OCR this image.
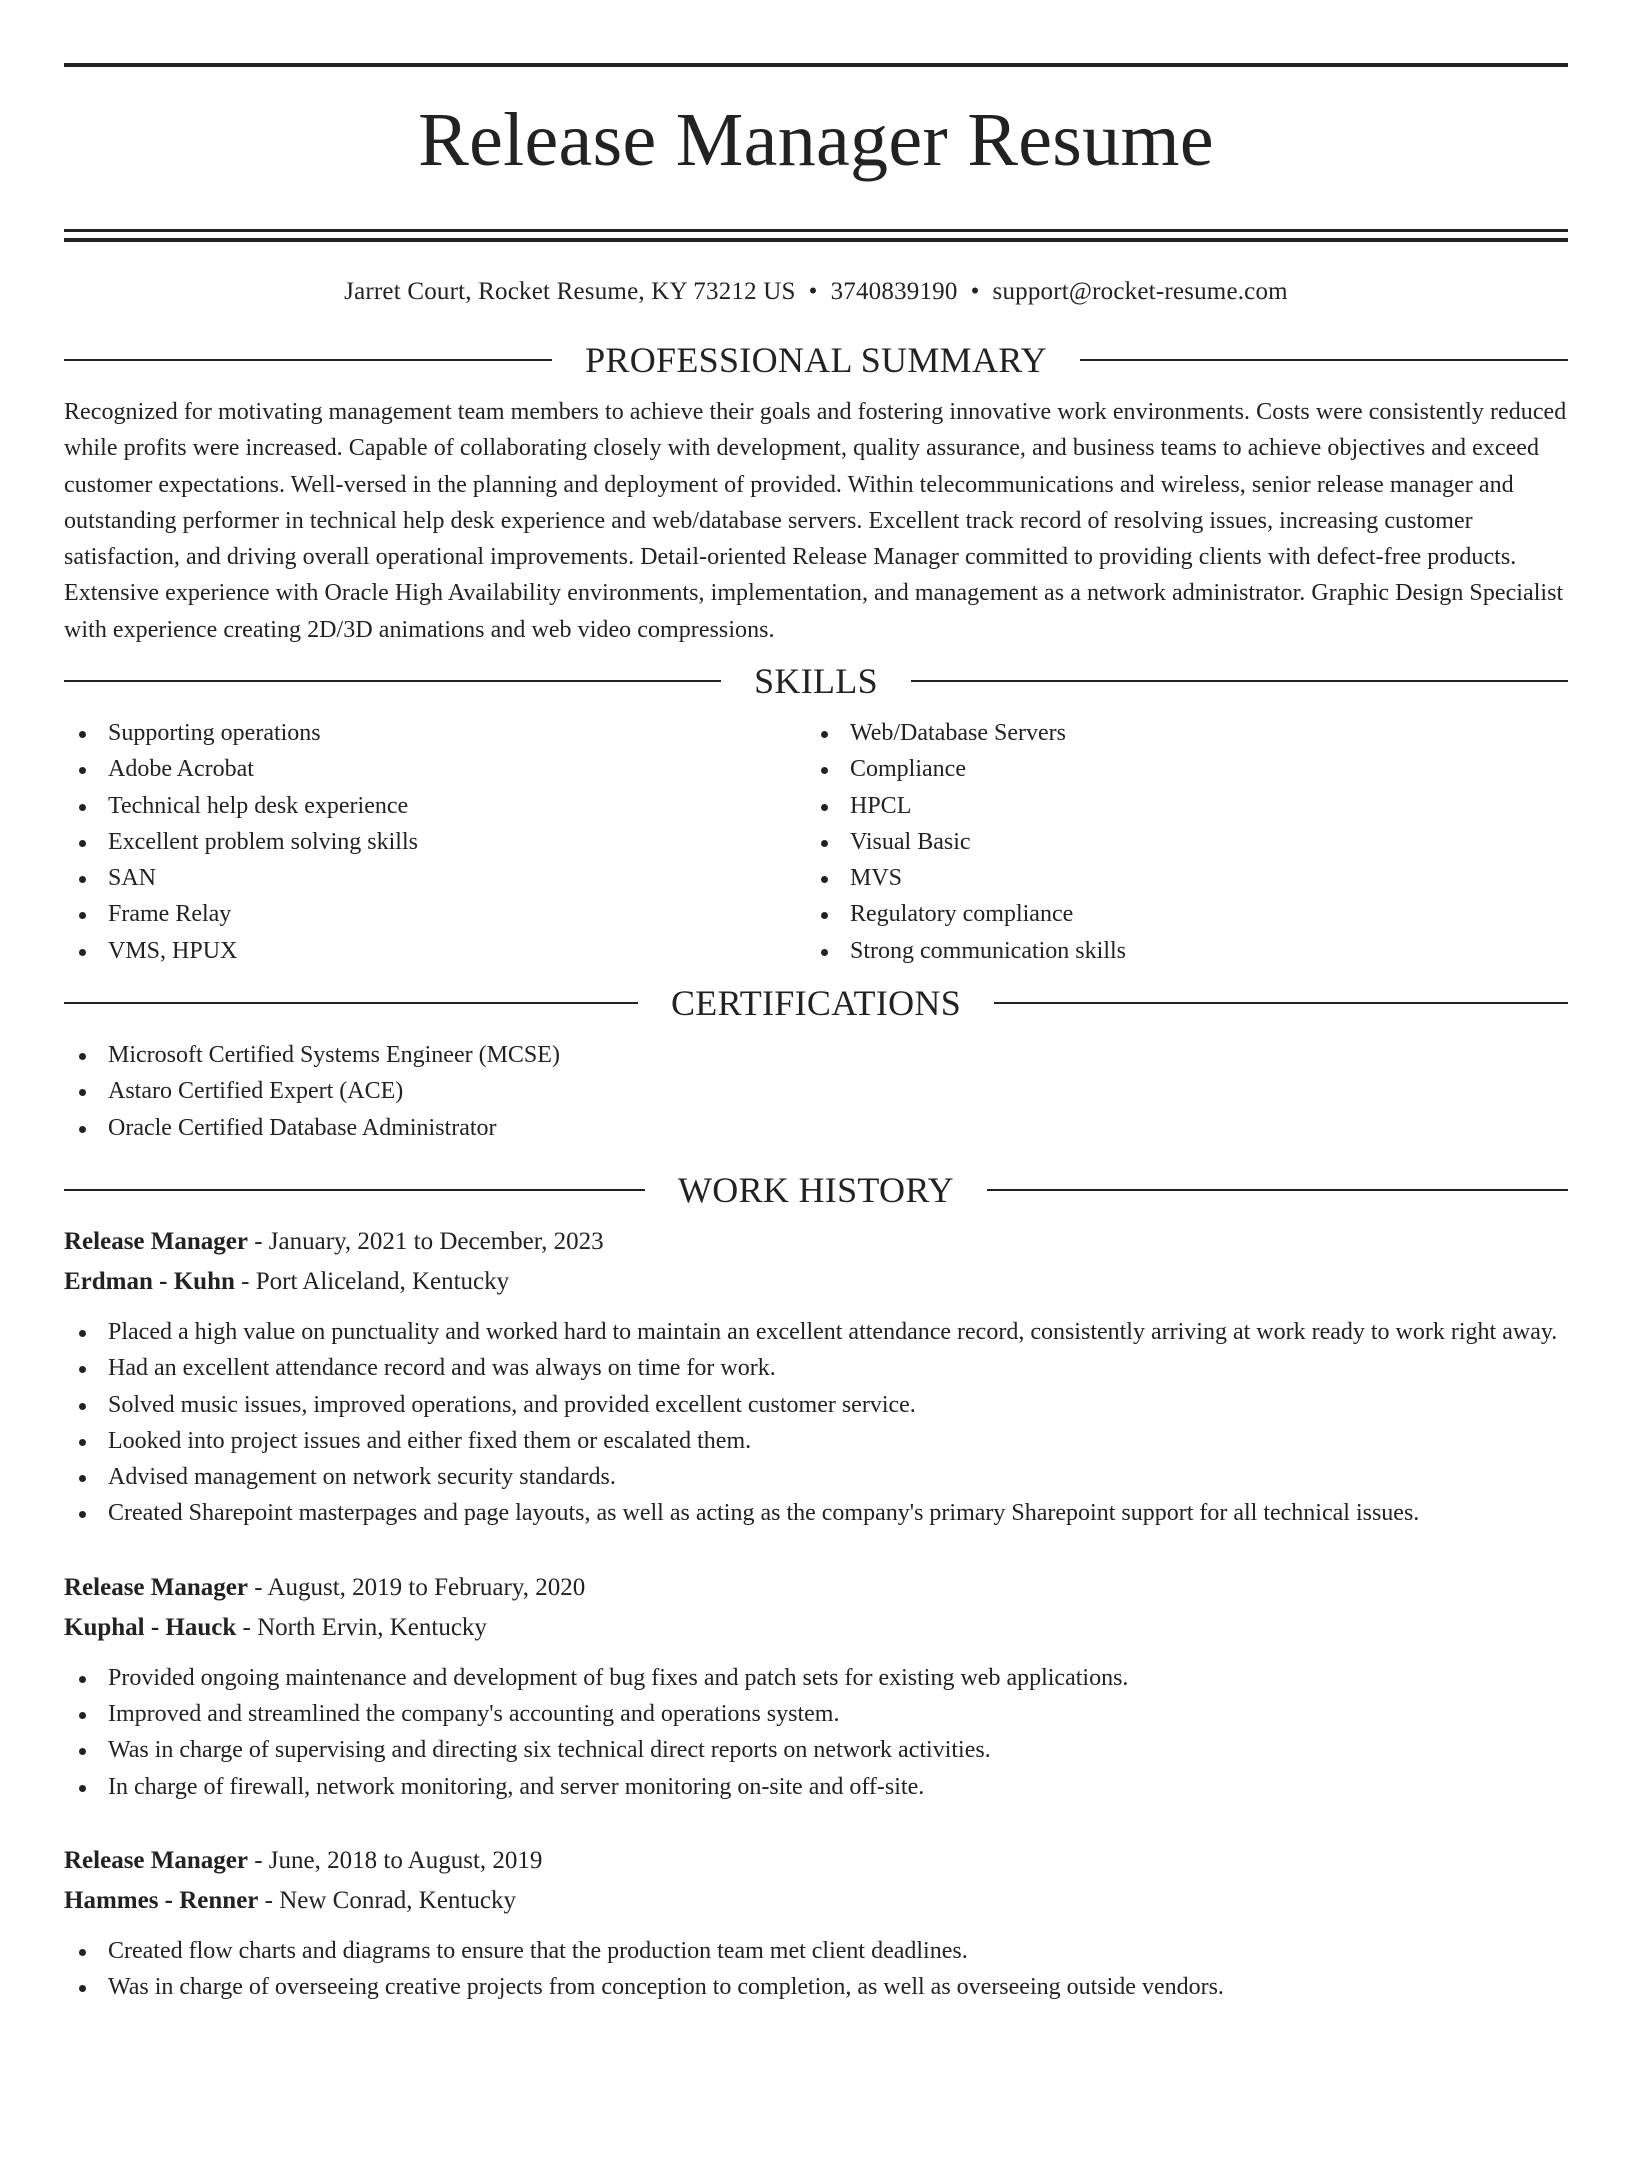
Release Manager Resume
Jarret Court, Rocket Resume, KY 73212 US • 3740839190 • support@rocket-resume.com
PROFESSIONAL SUMMARY

Recognized for motivating management team members to achieve their goals and fostering innovative work environments. Costs were consistently reduced while profits were increased. Capable of collaborating closely with development, quality assurance, and business teams to achieve objectives and exceed customer expectations. Well-versed in the planning and deployment of provided. Within telecommunications and wireless, senior release manager and outstanding performer in technical help desk experience and web/database servers. Excellent track record of resolving issues, increasing customer satisfaction, and driving overall operational improvements. Detail-oriented Release Manager committed to providing clients with defect-free products. Extensive experience with Oracle High Availability environments, implementation, and management as a network administrator. Graphic Design Specialist with experience creating 2D/3D animations and web video compressions.

SKILLS
Supporting operations
Adobe Acrobat
Technical help desk experience
Excellent problem solving skills
SAN
Frame Relay
VMS, HPUX
Web/Database Servers
Compliance
HPCL
Visual Basic
MVS
Regulatory compliance
Strong communication skills
CERTIFICATIONS
Microsoft Certified Systems Engineer (MCSE)
Astaro Certified Expert (ACE)
Oracle Certified Database Administrator
WORK HISTORY
Release Manager - January, 2021 to December, 2023
Erdman - Kuhn - Port Aliceland, Kentucky
Placed a high value on punctuality and worked hard to maintain an excellent attendance record, consistently arriving at work ready to work right away.
Had an excellent attendance record and was always on time for work.
Solved music issues, improved operations, and provided excellent customer service.
Looked into project issues and either fixed them or escalated them.
Advised management on network security standards.
Created Sharepoint masterpages and page layouts, as well as acting as the company's primary Sharepoint support for all technical issues.
Release Manager - August, 2019 to February, 2020
Kuphal - Hauck - North Ervin, Kentucky
Provided ongoing maintenance and development of bug fixes and patch sets for existing web applications.
Improved and streamlined the company's accounting and operations system.
Was in charge of supervising and directing six technical direct reports on network activities.
In charge of firewall, network monitoring, and server monitoring on-site and off-site.
Release Manager - June, 2018 to August, 2019
Hammes - Renner - New Conrad, Kentucky
Created flow charts and diagrams to ensure that the production team met client deadlines.
Was in charge of overseeing creative projects from conception to completion, as well as overseeing outside vendors.
